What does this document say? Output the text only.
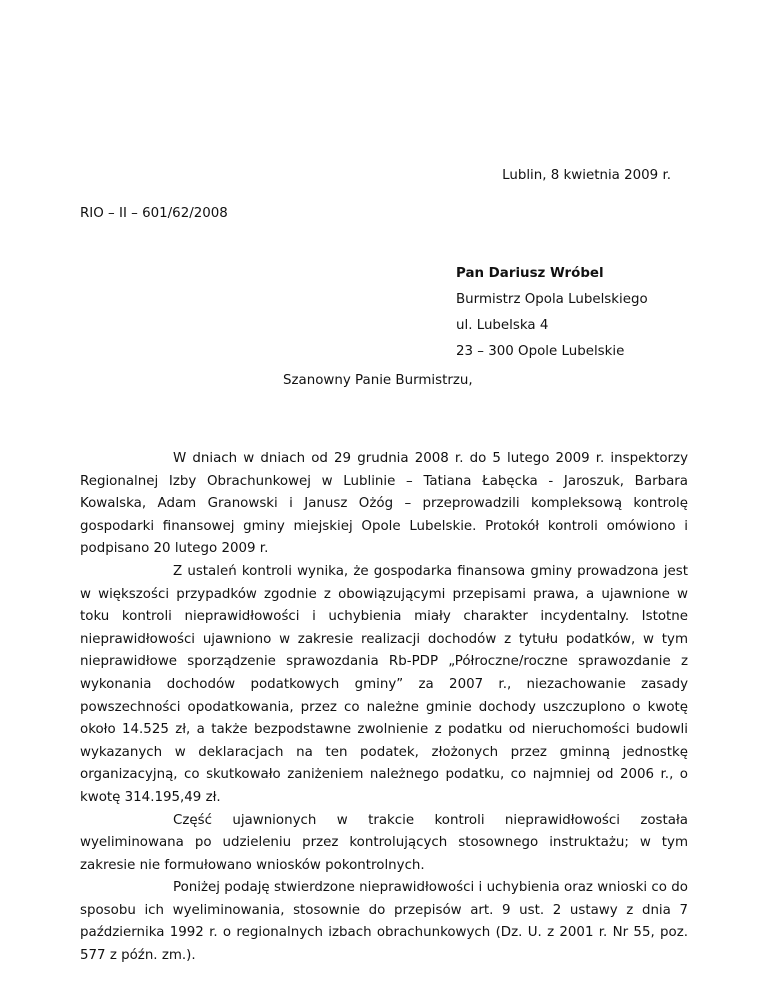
Lublin, 8 kwietnia 2009 r.
RIO – II – 601/62/2008
Pan Dariusz Wróbel
Burmistrz Opola Lubelskiego
ul. Lubelska 4
23 – 300 Opole Lubelskie
Szanowny Panie Burmistrzu,

W dniach w dniach od 29 grudnia 2008 r. do 5 lutego 2009 r. inspektorzy Regionalnej Izby Obrachunkowej w Lublinie – Tatiana Łabęcka - Jaroszuk, Barbara Kowalska, Adam Granowski i Janusz Ożóg – przeprowadzili kompleksową kontrolę gospodarki finansowej gminy miejskiej Opole Lubelskie. Protokół kontroli omówiono i podpisano 20 lutego 2009 r.

Z ustaleń kontroli wynika, że gospodarka finansowa gminy prowadzona jest w większości przypadków zgodnie z obowiązującymi przepisami prawa, a ujawnione w toku kontroli nieprawidłowości i uchybienia miały charakter incydentalny. Istotne nieprawidłowości ujawniono w zakresie realizacji dochodów z tytułu podatków, w tym nieprawidłowe sporządzenie sprawozdania Rb-PDP „Półroczne/roczne sprawozdanie z wykonania dochodów podatkowych gminy” za 2007 r., niezachowanie zasady powszechności opodatkowania, przez co należne gminie dochody uszczuplono o kwotę około 14.525 zł, a także bezpodstawne zwolnienie z podatku od nieruchomości budowli wykazanych w deklaracjach na ten podatek, złożonych przez gminną jednostkę organizacyjną, co skutkowało zaniżeniem należnego podatku, co najmniej od 2006 r., o kwotę 314.195,49 zł.

Część ujawnionych w trakcie kontroli nieprawidłowości została wyeliminowana po udzieleniu przez kontrolujących stosownego instruktażu; w tym zakresie nie formułowano wniosków pokontrolnych.

Poniżej podaję stwierdzone nieprawidłowości i uchybienia oraz wnioski co do sposobu ich wyeliminowania, stosownie do przepisów art. 9 ust. 2 ustawy z dnia 7 października 1992 r. o regionalnych izbach obrachunkowych (Dz. U. z 2001 r. Nr 55, poz. 577 z późn. zm.).
